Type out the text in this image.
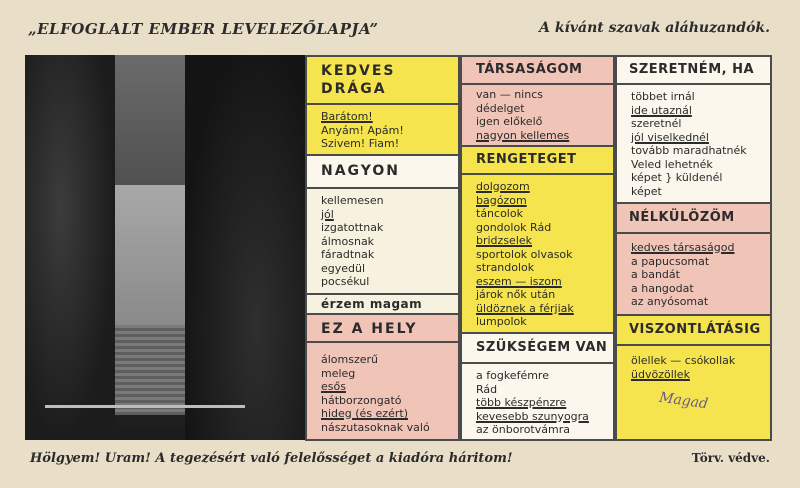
„ELFOGLALT EMBER LEVELEZŐLAPJA”	A kívánt szavak aláhuzandók.
KEDVES
DRÁGA
Barátom!
Anyám! Apám!
Szivem! Fiam!
NAGYON
kellemesen
jól
izgatottnak
álmosnak
fáradtnak
egyedül
pocsékul
érzem magam
EZ A HELY
álomszerű
meleg
esős
hátborzongató
hideg (és ezért)
nászutasoknak való
TÁRSASÁGOM
van — nincs
dédelget
igen előkelő
nagyon kellemes
RENGETEGET
dolgozom
bagózom
táncolok
gondolok Rád
bridzselek
sportolok olvasok
strandolok
eszem — iszom
járok nők után
üldöznek a férjiak
lumpolok
SZÜKSÉGEM VAN
a fogkefémre
Rád
több készpénzre
kevesebb szunyogra
az önborotvámra
SZERETNÉM, HA
többet irnál
ide utaznál
szeretnél
jól viselkednél
tovább maradhatnék
Veled lehetnék
képet } küldenél
képet
NÉLKÜLÖZÖM
kedves társaságod
a papucsomat
a bandát
a hangodat
az anyósomat
VISZONTLÁTÁSIG
ölellek — csókollak
üdvözöllek
Magad
Hölgyem! Uram! A tegezésért való felelősséget a kiadóra háritom!	Törv. védve.
